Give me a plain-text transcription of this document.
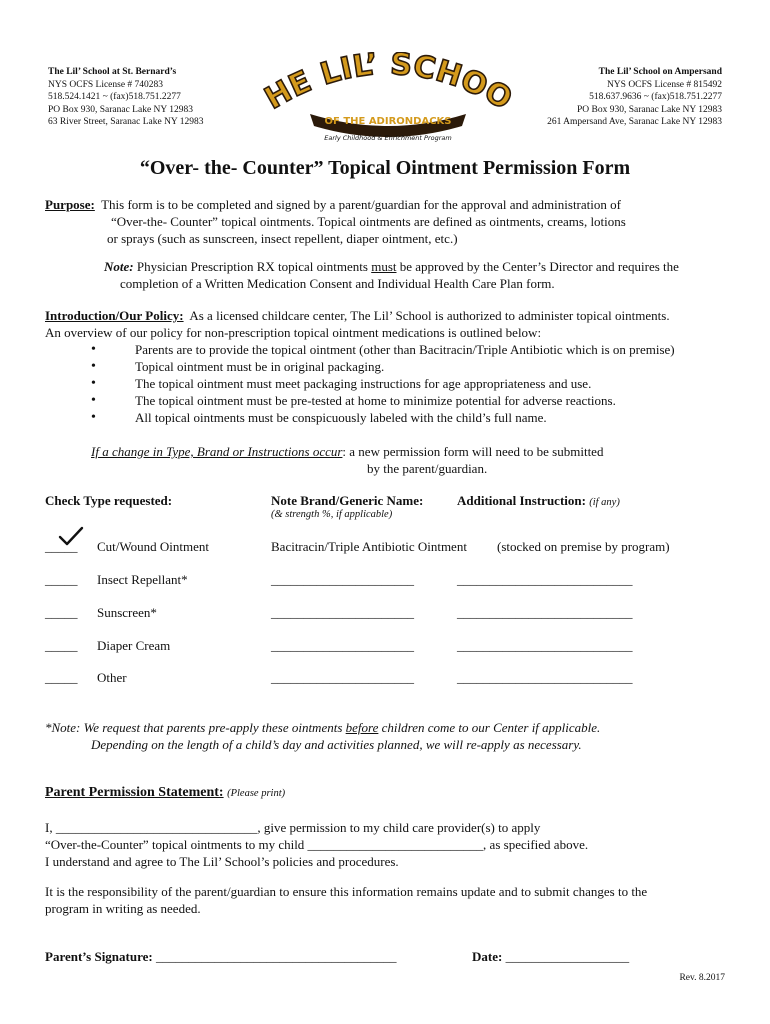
The Lil’ School at St. Bernard’s
NYS OCFS License # 740283
518.524.1421 ~ (fax)518.751.2277
PO Box 930, Saranac Lake NY 12983
63 River Street, Saranac Lake NY 12983
HE LIL’ SCHOO
OF THE ADIRONDACKS
Early Childhood & Enrichment Program
The Lil’ School on Ampersand
NYS OCFS License # 815492
518.637.9636 ~ (fax)518.751.2277
PO Box 930, Saranac Lake NY 12983
261 Ampersand Ave, Saranac Lake NY 12983
“Over- the- Counter” Topical Ointment Permission Form
Purpose: This form is to be completed and signed by a parent/guardian for the approval and administration of
“Over-the- Counter” topical ointments. Topical ointments are defined as ointments, creams, lotions
or sprays (such as sunscreen, insect repellent, diaper ointment, etc.)
Note: Physician Prescription RX topical ointments must be approved by the Center’s Director and requires the
completion of a Written Medication Consent and Individual Health Care Plan form.
Introduction/Our Policy: As a licensed childcare center, The Lil’ School is authorized to administer topical ointments.
An overview of our policy for non-prescription topical ointment medications is outlined below:
• Parents are to provide the topical ointment (other than Bacitracin/Triple Antibiotic which is on premise)
• Topical ointment must be in original packaging.
• The topical ointment must meet packaging instructions for age appropriateness and use.
• The topical ointment must be pre-tested at home to minimize potential for adverse reactions.
• All topical ointments must be conspicuously labeled with the child’s full name.
If a change in Type, Brand or Instructions occur: a new permission form will need to be submitted
by the parent/guardian.
Check Type requested:	Note Brand/Generic Name:
(& strength %, if applicable)
Additional Instruction: (if any)
_____ Cut/Wound Ointment	Bacitracin/Triple Antibiotic Ointment (stocked on premise by program)
_____ Insect Repellant*	______________________	___________________________
_____ Sunscreen*	______________________	___________________________
_____ Diaper Cream	______________________	___________________________
_____ Other	______________________	___________________________
*Note: We request that parents pre-apply these ointments before children come to our Center if applicable.
Depending on the length of a child’s day and activities planned, we will re-apply as necessary.
Parent Permission Statement: (Please print)
I, _______________________________, give permission to my child care provider(s) to apply
“Over-the-Counter” topical ointments to my child ___________________________, as specified above.
I understand and agree to The Lil’ School’s policies and procedures.
It is the responsibility of the parent/guardian to ensure this information remains update and to submit changes to the
program in writing as needed.
Parent’s Signature: _____________________________________	Date: ___________________
Rev. 8.2017
